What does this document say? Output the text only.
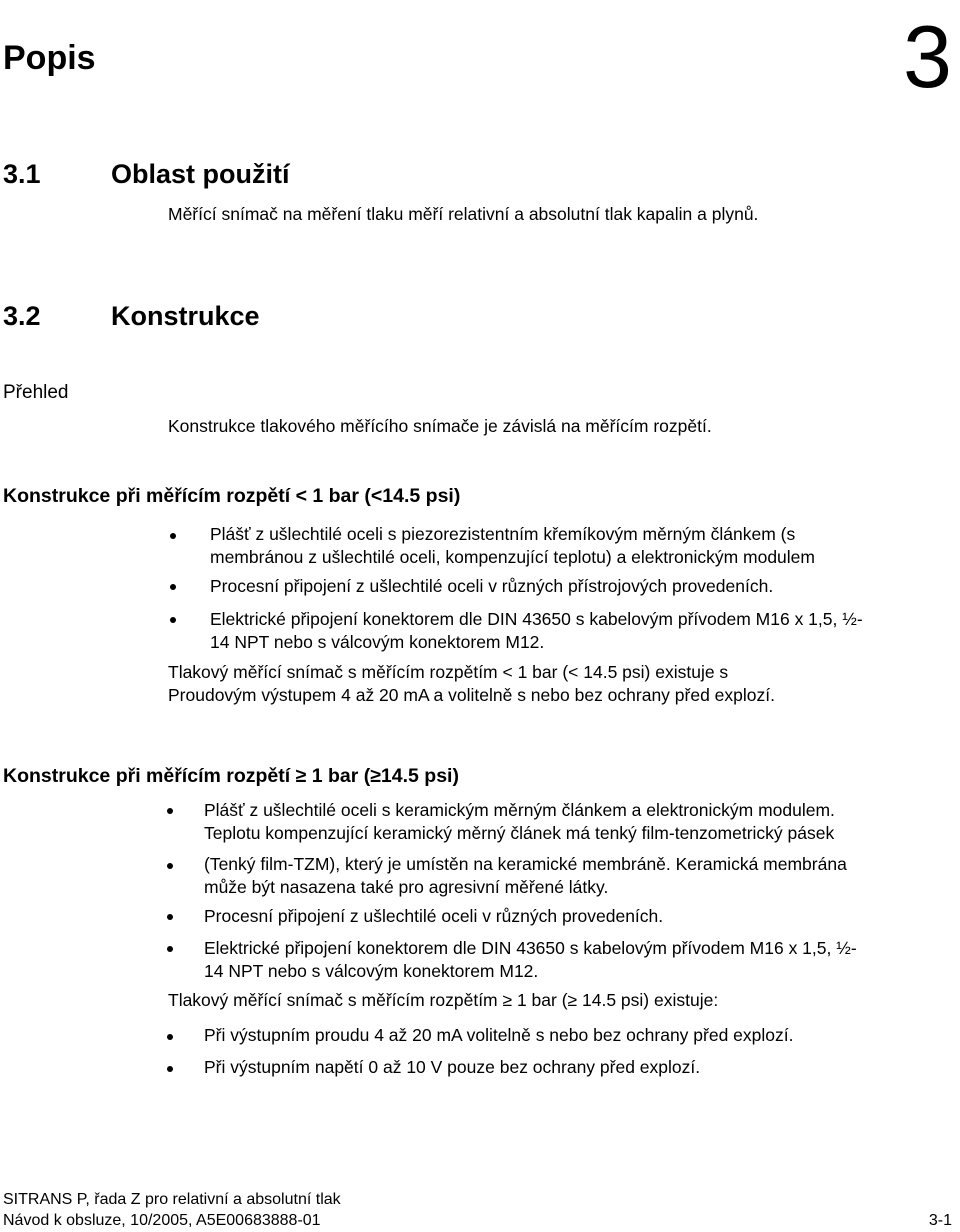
Popis	3
3.1	Oblast použití
Měřící snímač na měření tlaku měří relativní a absolutní tlak kapalin a plynů.
3.2	Konstrukce
Přehled
Konstrukce tlakového měřícího snímače je závislá na měřícím rozpětí.
Konstrukce při měřícím rozpětí < 1 bar (<14.5 psi)
Plášť z ušlechtilé oceli s piezorezistentním křemíkovým měrným článkem (s
membránou z ušlechtilé oceli, kompenzující teplotu) a elektronickým modulem
Procesní připojení z ušlechtilé oceli v různých přístrojových provedeních.
Elektrické připojení konektorem dle DIN 43650 s kabelovým přívodem M16 x 1,5, ½-
14 NPT nebo s válcovým konektorem M12.
Tlakový měřící snímač s měřícím rozpětím < 1 bar (< 14.5 psi) existuje s
Proudovým výstupem 4 až 20 mA a volitelně s nebo bez ochrany před explozí.
Konstrukce při měřícím rozpětí ≥ 1 bar (≥14.5 psi)
Plášť z ušlechtilé oceli s keramickým měrným článkem a elektronickým modulem.
Teplotu kompenzující keramický měrný článek má tenký film-tenzometrický pásek
(Tenký film-TZM), který je umístěn na keramické membráně. Keramická membrána
může být nasazena také pro agresivní měřené látky.
Procesní připojení z ušlechtilé oceli v různých provedeních.
Elektrické připojení konektorem dle DIN 43650 s kabelovým přívodem M16 x 1,5, ½-
14 NPT nebo s válcovým konektorem M12.
Tlakový měřící snímač s měřícím rozpětím ≥ 1 bar (≥ 14.5 psi) existuje:
Při výstupním proudu 4 až 20 mA volitelně s nebo bez ochrany před explozí.
Při výstupním napětí 0 až 10 V pouze bez ochrany před explozí.
SITRANS P, řada Z pro relativní a absolutní tlak
Návod k obsluze, 10/2005, A5E00683888-01	3-1
